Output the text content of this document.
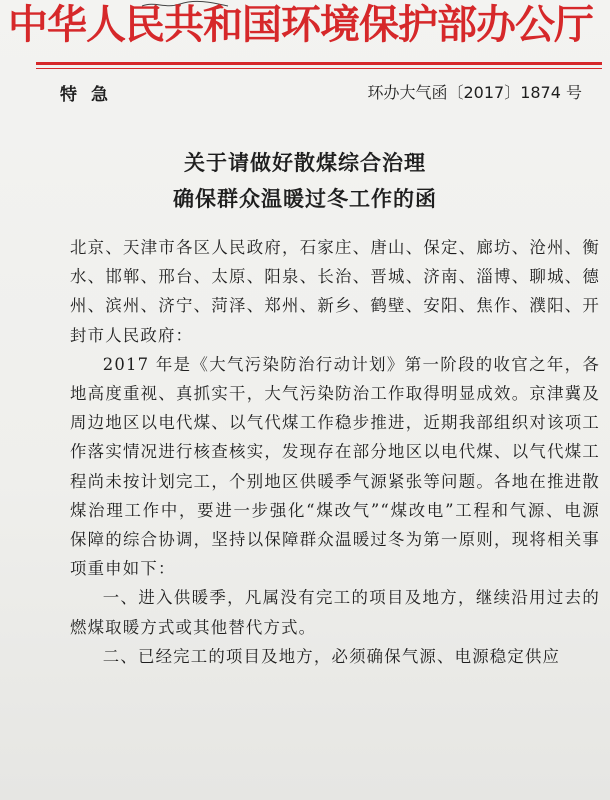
中华人民共和国环境保护部办公厅
特急	环办大气函〔2017〕1874 号
关于请做好散煤综合治理
确保群众温暖过冬工作的函

北京、天津市各区人民政府，石家庄、唐山、保定、廊坊、沧州、衡水、邯郸、邢台、太原、阳泉、长治、晋城、济南、淄博、聊城、德州、滨州、济宁、菏泽、郑州、新乡、鹤壁、安阳、焦作、濮阳、开封市人民政府：

2017 年是《大气污染防治行动计划》第一阶段的收官之年，各地高度重视、真抓实干，大气污染防治工作取得明显成效。京津冀及周边地区以电代煤、以气代煤工作稳步推进，近期我部组织对该项工作落实情况进行核查核实，发现存在部分地区以电代煤、以气代煤工程尚未按计划完工，个别地区供暖季气源紧张等问题。各地在推进散煤治理工作中，要进一步强化“煤改气”“煤改电”工程和气源、电源保障的综合协调，坚持以保障群众温暖过冬为第一原则，现将相关事项重申如下：

一、进入供暖季，凡属没有完工的项目及地方，继续沿用过去的燃煤取暖方式或其他替代方式。

二、已经完工的项目及地方，必须确保气源、电源稳定供应
